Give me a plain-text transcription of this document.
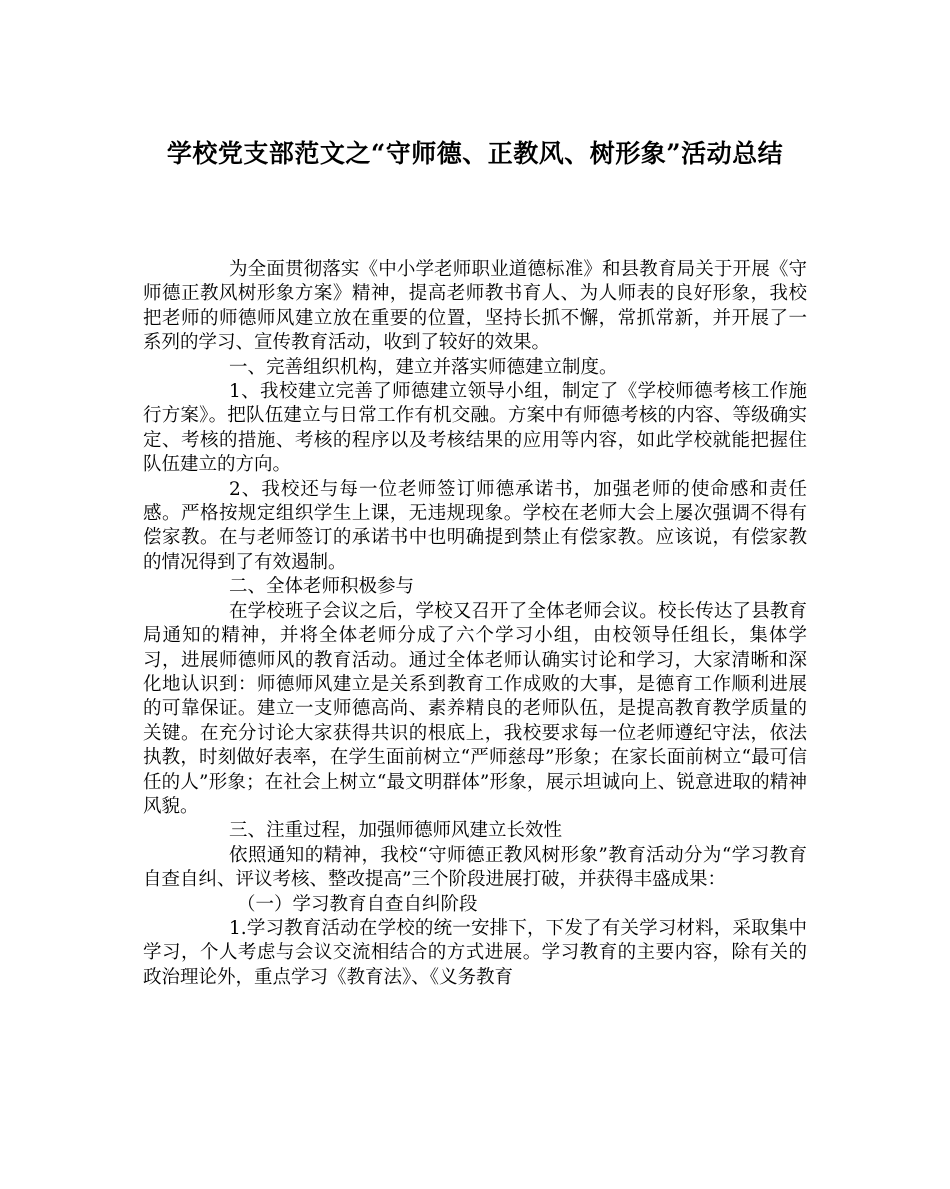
学校党支部范文之“守师德、正教风、树形象”活动总结

为全面贯彻落实《中小学老师职业道德标准》和县教育局关于开展《守师德正教风树形象方案》精神，提高老师教书育人、为人师表的良好形象，我校把老师的师德师风建立放在重要的位置，坚持长抓不懈，常抓常新，并开展了一系列的学习、宣传教育活动，收到了较好的效果。

一、完善组织机构，建立并落实师德建立制度。

1、我校建立完善了师德建立领导小组，制定了《学校师德考核工作施行方案》。把队伍建立与日常工作有机交融。方案中有师德考核的内容、等级确实定、考核的措施、考核的程序以及考核结果的应用等内容，如此学校就能把握住队伍建立的方向。

2、我校还与每一位老师签订师德承诺书，加强老师的使命感和责任感。严格按规定组织学生上课，无违规现象。学校在老师大会上屡次强调不得有偿家教。在与老师签订的承诺书中也明确提到禁止有偿家教。应该说，有偿家教的情况得到了有效遏制。

二、全体老师积极参与

在学校班子会议之后，学校又召开了全体老师会议。校长传达了县教育局通知的精神，并将全体老师分成了六个学习小组，由校领导任组长，集体学习，进展师德师风的教育活动。通过全体老师认确实讨论和学习，大家清晰和深化地认识到：师德师风建立是关系到教育工作成败的大事，是德育工作顺利进展的可靠保证。建立一支师德高尚、素养精良的老师队伍，是提高教育教学质量的关键。在充分讨论大家获得共识的根底上，我校要求每一位老师遵纪守法，依法执教，时刻做好表率，在学生面前树立“严师慈母”形象；在家长面前树立“最可信任的人”形象；在社会上树立“最文明群体”形象，展示坦诚向上、锐意进取的精神风貌。

三、注重过程，加强师德师风建立长效性

依照通知的精神，我校“守师德正教风树形象”教育活动分为“学习教育自查自纠、评议考核、整改提高”三个阶段进展打破，并获得丰盛成果：

（一）学习教育自查自纠阶段

1.学习教育活动在学校的统一安排下，下发了有关学习材料，采取集中学习，个人考虑与会议交流相结合的方式进展。学习教育的主要内容，除有关的政治理论外，重点学习《教育法》、《义务教育
